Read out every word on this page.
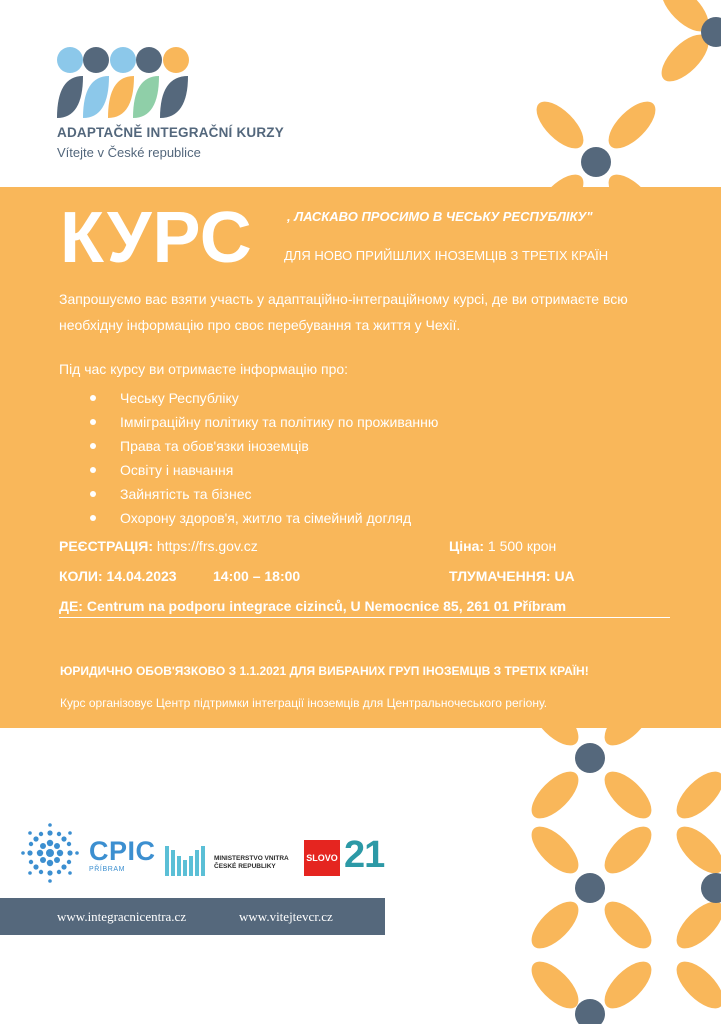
ADAPTAČNĚ INTEGRAČNÍ KURZY
Vítejte v České republice
КУРС	, ЛАСКАВО ПРОСИМО В ЧЕСЬКУ РЕСПУБЛІКУ"
ДЛЯ НОВО ПРИЙШЛИХ ІНОЗЕМЦІВ З ТРЕТІХ КРАЇН
Запрошуємо вас взяти участь у адаптаційно-інтеграційному курсі, де ви отримаєте всю необхідну інформацію про своє перебування та життя у Чехії.
Під час курсу ви отримаєте інформацію про:
Чеську Республіку
Імміграційну політику та політику по проживанню
Права та обов'язки іноземців
Освіту і навчання
Зайнятість та бізнес
Охорону здоров'я, житло та сімейний догляд
РЕЄСТРАЦІЯ: https://frs.gov.cz	Ціна: 1 500 крон
КОЛИ: 14.04.2023	14:00 – 18:00	ТЛУМАЧЕННЯ: UA
ДЕ: Centrum na podporu integrace cizinců, U Nemocnice 85, 261 01 Příbram
ЮРИДИЧНО ОБОВ'ЯЗКОВО З 1.1.2021 ДЛЯ ВИБРАНИХ ГРУП ІНОЗЕМЦІВ З ТРЕТІХ КРАЇН!
Курс організовує Центр підтримки інтеграції іноземців для Центральночеського регіону.
CPIC
PŘÍBRAM
MINISTERSTVO VNITRA ČESKÉ REPUBLIKY
SLOVO 21
www.integracnicentra.cz	www.vitejtevcr.cz
